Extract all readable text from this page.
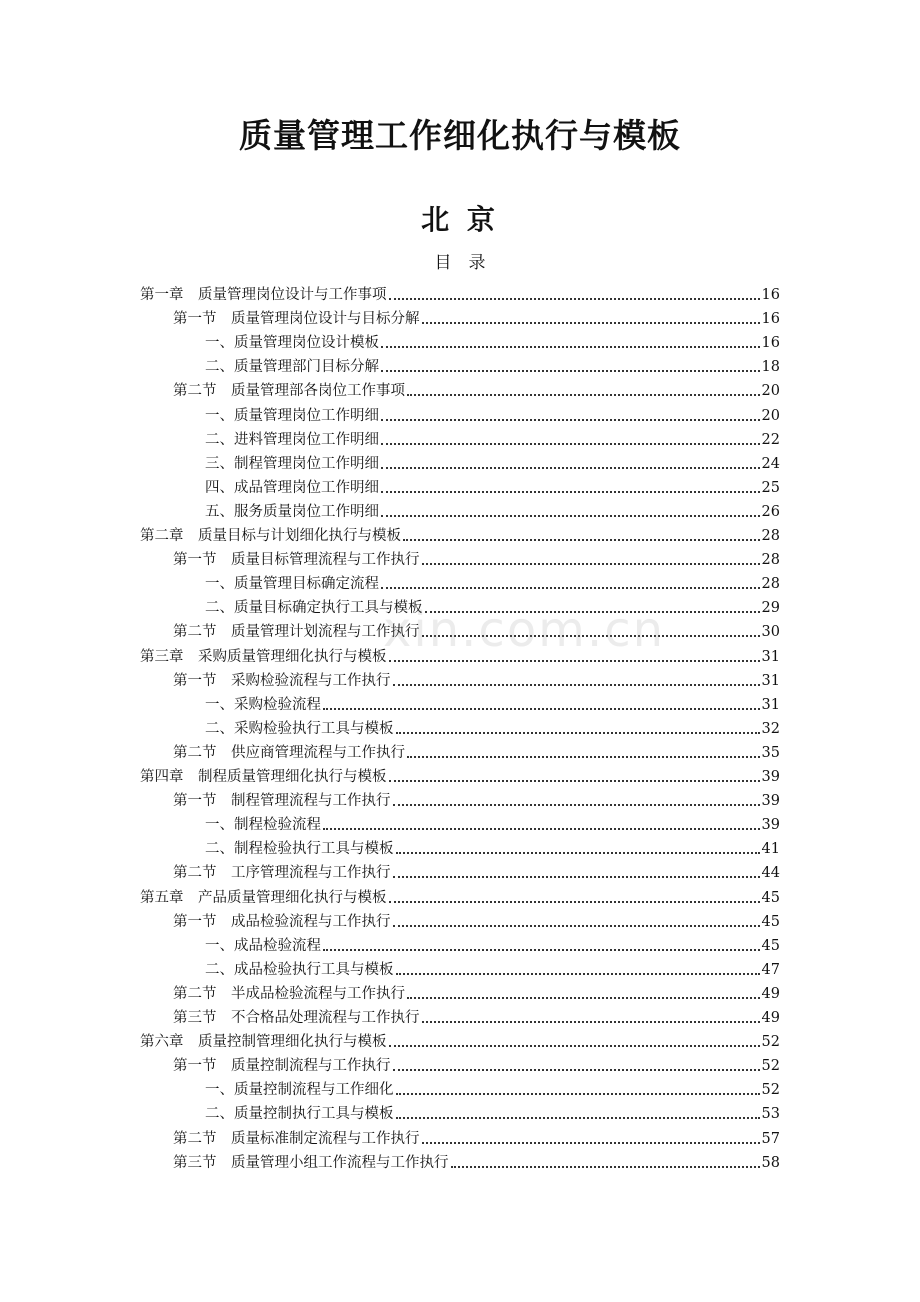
质量管理工作细化执行与模板
北 京
目　录
第一章　质量管理岗位设计与工作事项	16
第一节　质量管理岗位设计与目标分解	16
一、质量管理岗位设计模板	16
二、质量管理部门目标分解	18
第二节　质量管理部各岗位工作事项	20
一、质量管理岗位工作明细	20
二、进料管理岗位工作明细	22
三、制程管理岗位工作明细	24
四、成品管理岗位工作明细	25
五、服务质量岗位工作明细	26
第二章　质量目标与计划细化执行与模板	28
第一节　质量目标管理流程与工作执行	28
一、质量管理目标确定流程	28
二、质量目标确定执行工具与模板	29
第二节　质量管理计划流程与工作执行	30
第三章　采购质量管理细化执行与模板	31
第一节　采购检验流程与工作执行	31
一、采购检验流程	31
二、采购检验执行工具与模板	32
第二节　供应商管理流程与工作执行	35
第四章　制程质量管理细化执行与模板	39
第一节　制程管理流程与工作执行	39
一、制程检验流程	39
二、制程检验执行工具与模板	41
第二节　工序管理流程与工作执行	44
第五章　产品质量管理细化执行与模板	45
第一节　成品检验流程与工作执行	45
一、成品检验流程	45
二、成品检验执行工具与模板	47
第二节　半成品检验流程与工作执行	49
第三节　不合格品处理流程与工作执行	49
第六章　质量控制管理细化执行与模板	52
第一节　质量控制流程与工作执行	52
一、质量控制流程与工作细化	52
二、质量控制执行工具与模板	53
第二节　质量标准制定流程与工作执行	57
第三节　质量管理小组工作流程与工作执行	58
xin.com.cn
